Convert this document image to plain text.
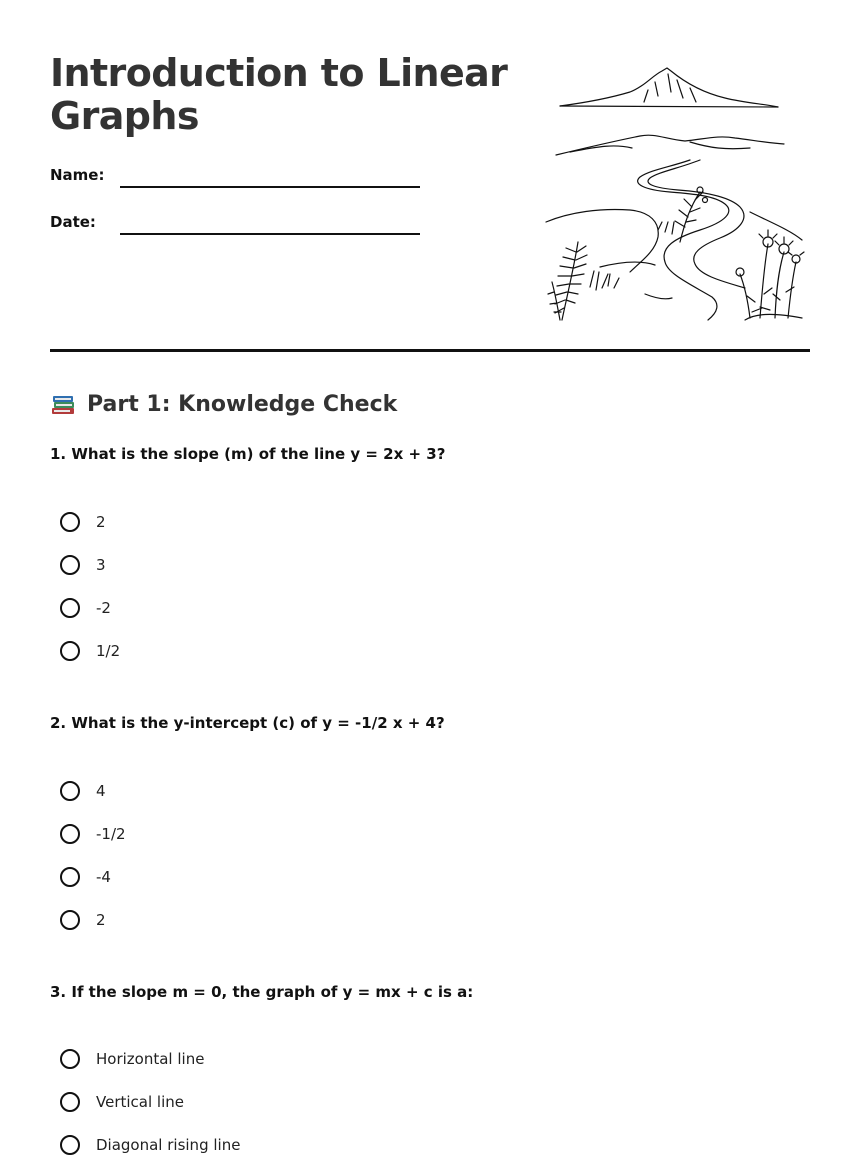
Introduction to Linear Graphs
Name:
Date:
Part 1: Knowledge Check
1. What is the slope (m) of the line y = 2x + 3?
2
3
-2
1/2
2. What is the y-intercept (c) of y = -1/2 x + 4?
4
-1/2
-4
2
3. If the slope m = 0, the graph of y = mx + c is a:
Horizontal line
Vertical line
Diagonal rising line
